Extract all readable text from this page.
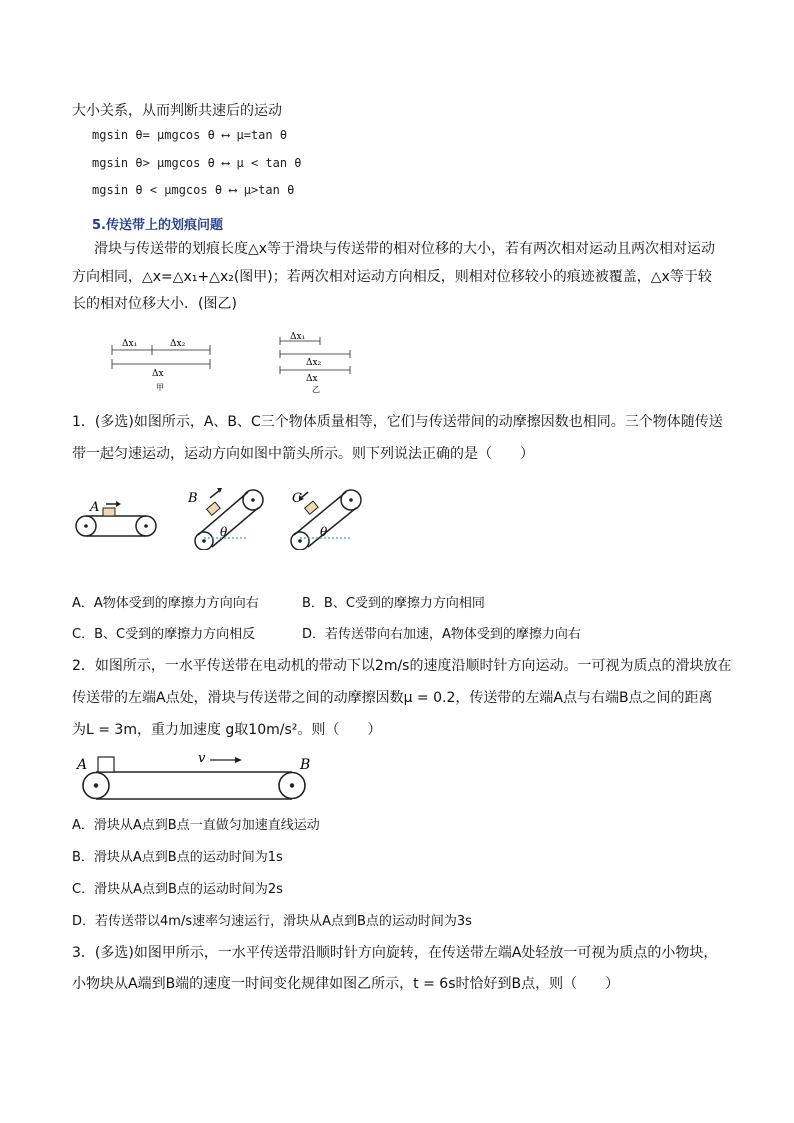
大小关系，从而判断共速后的运动
mgsin θ= μmgcos θ ⟷ μ=tan θ
mgsin θ> μmgcos θ ⟷ μ < tan θ
mgsin θ < μmgcos θ ⟷ μ>tan θ
5.传送带上的划痕问题
滑块与传送带的划痕长度△x等于滑块与传送带的相对位移的大小，若有两次相对运动且两次相对运动
方向相同，△x=△x₁+△x₂(图甲)；若两次相对运动方向相反，则相对位移较小的痕迹被覆盖，△x等于较
长的相对位移大小．(图乙)
Δx₁	Δx₂
Δx
甲
Δx₁
Δx₂
Δx
乙
1．(多选)如图所示，A、B、C三个物体质量相等，它们与传送带间的动摩擦因数也相同。三个物体随传送
带一起匀速运动，运动方向如图中箭头所示。则下列说法正确的是（　　）
A
B
θ
C
θ
A．A物体受到的摩擦力方向向右	B．B、C受到的摩擦力方向相同
C．B、C受到的摩擦力方向相反	D．若传送带向右加速，A物体受到的摩擦力向右
2．如图所示，一水平传送带在电动机的带动下以2m/s的速度沿顺时针方向运动。一可视为质点的滑块放在
传送带的左端A点处，滑块与传送带之间的动摩擦因数μ = 0.2，传送带的左端A点与右端B点之间的距离
为L = 3m，重力加速度 g取10m/s²。则（　　）
A	B
v
A．滑块从A点到B点一直做匀加速直线运动
B．滑块从A点到B点的运动时间为1s
C．滑块从A点到B点的运动时间为2s
D．若传送带以4m/s速率匀速运行，滑块从A点到B点的运动时间为3s
3．(多选)如图甲所示，一水平传送带沿顺时针方向旋转，在传送带左端A处轻放一可视为质点的小物块，
小物块从A端到B端的速度一时间变化规律如图乙所示，t = 6s时恰好到B点，则（　　）
